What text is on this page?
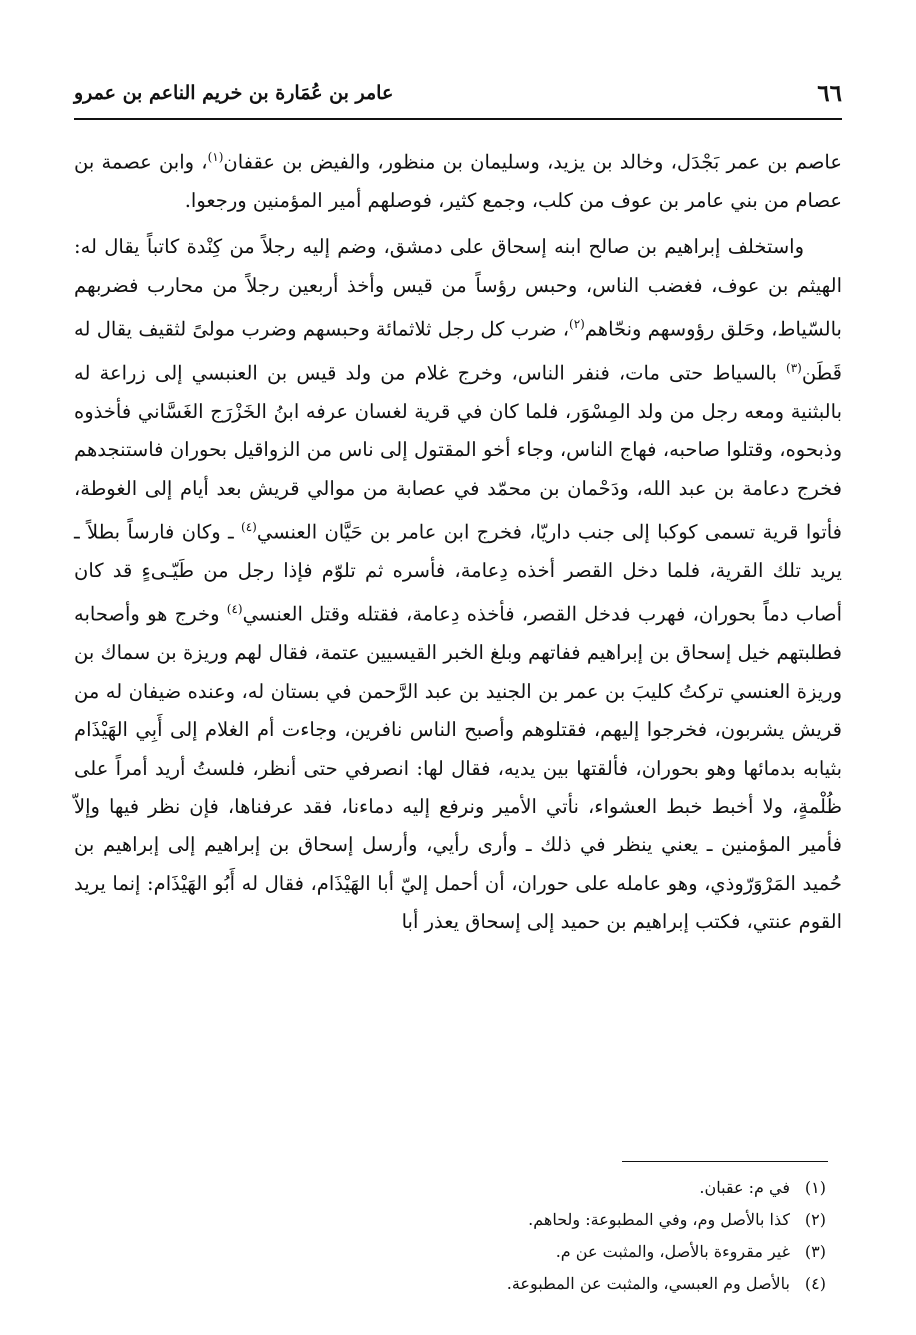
٦٦
عامر بن عُمَارة بن خريم الناعم بن عمرو

عاصم بن عمر بَجْدَل، وخالد بن يزيد، وسليمان بن منظور، والفيض بن عقفان$^{(١)}$، وابن عصمة بن عصام من بني عامر بن عوف من كلب، وجمع كثير، فوصلهم أمير المؤمنين ورجعوا.

واستخلف إبراهيم بن صالح ابنه إسحاق على دمشق، وضم إليه رجلاً من كِنْدة كاتباً يقال له: الهيثم بن عوف، فغضب الناس، وحبس رؤساً من قيس وأخذ أربعين رجلاً من محارب فضربهم بالسّياط، وحَلق رؤوسهم ونحّاهم$^{(٢)}$، ضرب كل رجل ثلاثمائة وحبسهم وضرب مولىً لثقيف يقال له قَطَن$^{(٣)}$ بالسياط حتى مات، فنفر الناس، وخرج غلام من ولد قيس بن العنبسي إلى زراعة له بالبثنية ومعه رجل من ولد المِسْوَر، فلما كان في قرية لغسان عرفه ابنُ الخَزْرَج الغَسَّاني فأخذوه وذبحوه، وقتلوا صاحبه، فهاج الناس، وجاء أخو المقتول إلى ناس من الزواقيل بحوران فاستنجدهم فخرج دعامة بن عبد الله، ودَحْمان بن محمّد في عصابة من موالي قريش بعد أيام إلى الغوطة، فأتوا قرية تسمى كوكبا إلى جنب داريّا، فخرج ابن عامر بن حَيَّان العنسي$^{(٤)}$ ـ وكان فارساً بطلاً ـ يريد تلك القرية، فلما دخل القصر أخذه دِعامة، فأسره ثم تلوّم فإذا رجل من طَيّـىءٍ قد كان أصاب دماً بحوران، فهرب فدخل القصر، فأخذه دِعامة، فقتله وقتل العنسي$^{(٤)}$ وخرج هو وأصحابه فطلبتهم خيل إسحاق بن إبراهيم ففاتهم وبلغ الخبر القيسيين عتمة، فقال لهم وريزة بن سماك بن وريزة العنسي تركتُ كليبَ بن عمر بن الجنيد بن عبد الرَّحمن في بستان له، وعنده ضيفان له من قريش يشربون، فخرجوا إليهم، فقتلوهم وأصبح الناس نافرين، وجاءت أم الغلام إلى أَبِي الهَيْذَام بثيابه بدمائها وهو بحوران، فألقتها بين يديه، فقال لها: انصرفي حتى أنظر، فلستُ أريد أمراً على ظُلْمةٍ، ولا أخبط خبط العشواء، نأتي الأمير ونرفع إليه دماءنا، فقد عرفناها، فإن نظر فيها وإلاّ فأمير المؤمنين ـ يعني ينظر في ذلك ـ وأرى رأيي، وأرسل إسحاق بن إبراهيم إلى إبراهيم بن حُميد المَرْوَرّوذي، وهو عامله على حوران، أن أحمل إليّ أبا الهَيْذَام، فقال له أَبُو الهَيْذَام: إنما يريد القوم عنتي، فكتب إبراهيم بن حميد إلى إسحاق يعذر أبا

(١)في م: عقبان.
(٢)كذا بالأصل وم، وفي المطبوعة: ولحاهم.
(٣)غير مقروءة بالأصل، والمثبت عن م.
(٤)بالأصل وم العبسي، والمثبت عن المطبوعة.
